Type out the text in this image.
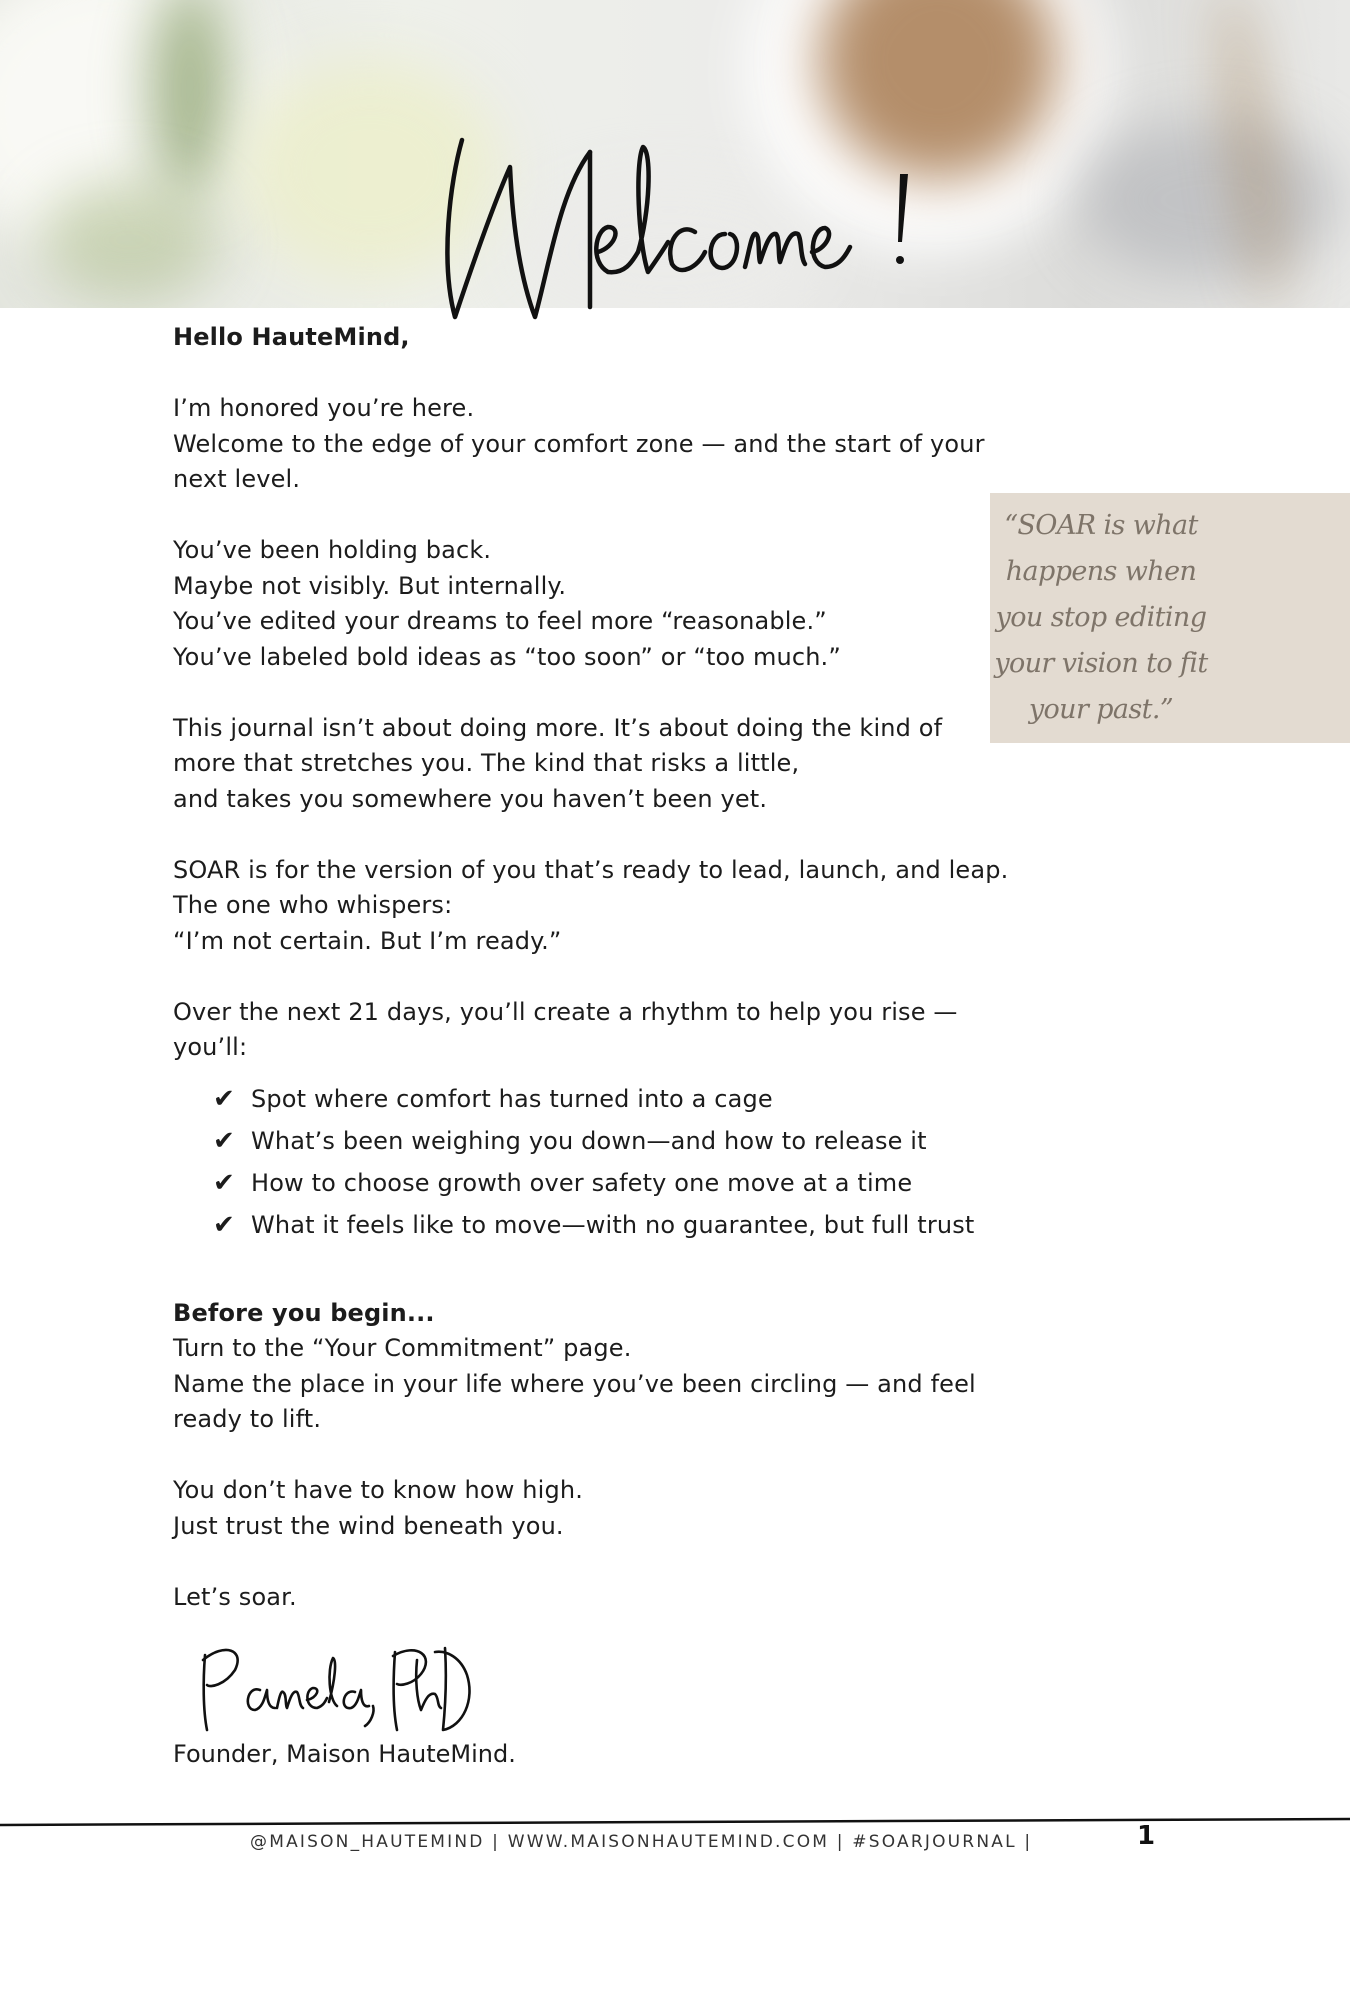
Hello HauteMind,

I’m honored you’re here.
Welcome to the edge of your comfort zone — and the start of your
next level.

You’ve been holding back.
Maybe not visibly. But internally.
You’ve edited your dreams to feel more “reasonable.”
You’ve labeled bold ideas as “too soon” or “too much.”

This journal isn’t about doing more. It’s about doing the kind of
more that stretches you. The kind that risks a little,
and takes you somewhere you haven’t been yet.

SOAR is for the version of you that’s ready to lead, launch, and leap.
The one who whispers:
“I’m not certain. But I’m ready.”

Over the next 21 days, you’ll create a rhythm to help you rise —
you’ll:

✔ Spot where comfort has turned into a cage
✔ What’s been weighing you down—and how to release it
✔ How to choose growth over safety one move at a time
✔ What it feels like to move—with no guarantee, but full trust

Before you begin...
Turn to the “Your Commitment” page.
Name the place in your life where you’ve been circling — and feel
ready to lift.

You don’t have to know how high.
Just trust the wind beneath you.

Let’s soar.

“SOAR is what
happens when
you stop editing
your vision to fit
your past.”
Founder, Maison HauteMind.
@MAISON_HAUTEMIND | WWW.MAISONHAUTEMIND.COM | #SOARJOURNAL |	1
